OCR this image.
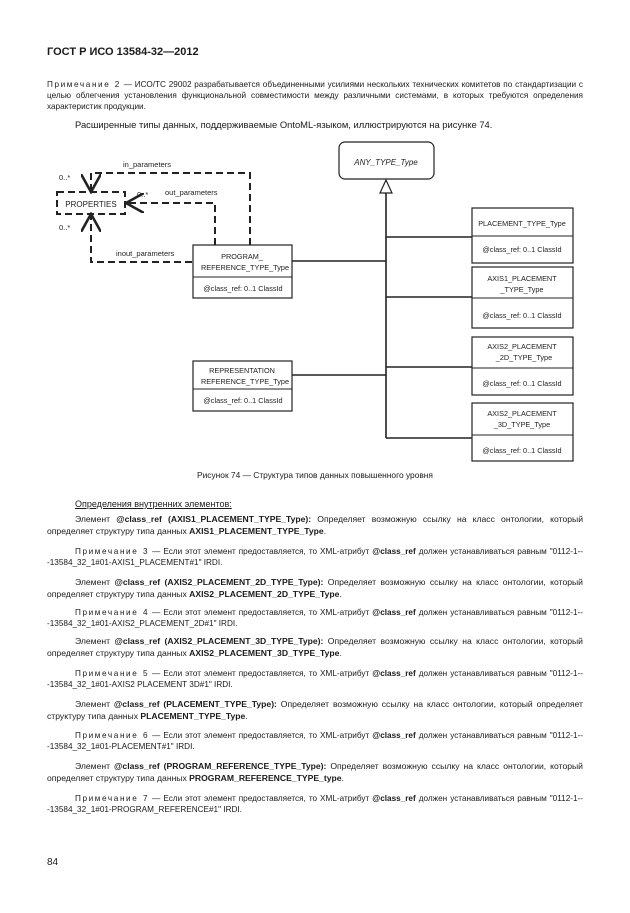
ГОСТ Р ИСО 13584-32—2012
Примечание 2 — ИСО/ТС 29002 разрабатывается объединенными усилиями нескольких технических комитетов по стандартизации с целью облегчения установления функциональной совместимости между различными системами, в которых требуются определения характеристик продукции.
Расширенные типы данных, поддерживаемые OntoML-языком, иллюстрируются на рисунке 74.
ANY_TYPE_Type
PROPERTIES
in_parameters
out_parameters
inout_parameters
0..*
0..*
0..*
PROGRAM_
REFERENCE_TYPE_Type
@class_ref: 0..1 ClassId
REPRESENTATION
REFERENCE_TYPE_Type
@class_ref: 0..1 ClassId
PLACEMENT_TYPE_Type
@class_ref: 0..1 ClassId
AXIS1_PLACEMENT
_TYPE_Type
@class_ref: 0..1 ClassId
AXIS2_PLACEMENT
_2D_TYPE_Type
@class_ref: 0..1 ClassId
AXIS2_PLACEMENT
_3D_TYPE_Type
@class_ref: 0..1 ClassId
Рисунок 74 — Структура типов данных повышенного уровня
Определения внутренних элементов:
Элемент @class_ref (AXIS1_PLACEMENT_TYPE_Type): Определяет возможную ссылку на класс онтологии, который определяет структуру типа данных AXIS1_PLACEMENT_TYPE_Type.
Примечание 3 — Если этот элемент предоставляется, то XML-атрибут @class_ref должен устанавливаться равным "0112-1---13584_32_1#01-AXIS1_PLACEMENT#1" IRDI.
Элемент @class_ref (AXIS2_PLACEMENT_2D_TYPE_Type): Определяет возможную ссылку на класс онтологии, который определяет структуру типа данных AXIS2_PLACEMENT_2D_TYPE_Type.
Примечание 4 — Если этот элемент предоставляется, то XML-атрибут @class_ref должен устанавливаться равным "0112-1---13584_32_1#01-AXIS2_PLACEMENT_2D#1" IRDI.
Элемент @class_ref (AXIS2_PLACEMENT_3D_TYPE_Type): Определяет возможную ссылку на класс онтологии, который определяет структуру типа данных AXIS2_PLACEMENT_3D_TYPE_Type.
Примечание 5 — Если этот элемент предоставляется, то XML-атрибут @class_ref должен устанавливаться равным "0112-1---13584_32_1#01-AXIS2 PLACEMENT 3D#1" IRDI.
Элемент @class_ref (PLACEMENT_TYPE_Type): Определяет возможную ссылку на класс онтологии, который определяет структуру типа данных PLACEMENT_TYPE_Type.
Примечание 6 — Если этот элемент предоставляется, то XML-атрибут @class_ref должен устанавливаться равным "0112-1---13584_32_1#01-PLACEMENT#1" IRDI.
Элемент @class_ref (PROGRAM_REFERENCE_TYPE_Type): Определяет возможную ссылку на класс онтологии, который определяет структуру типа данных PROGRAM_REFERENCE_TYPE_type.
Примечание 7 — Если этот элемент предоставляется, то XML-атрибут @class_ref должен устанавливаться равным "0112-1---13584_32_1#01-PROGRAM_REFERENCE#1" IRDI.
84
